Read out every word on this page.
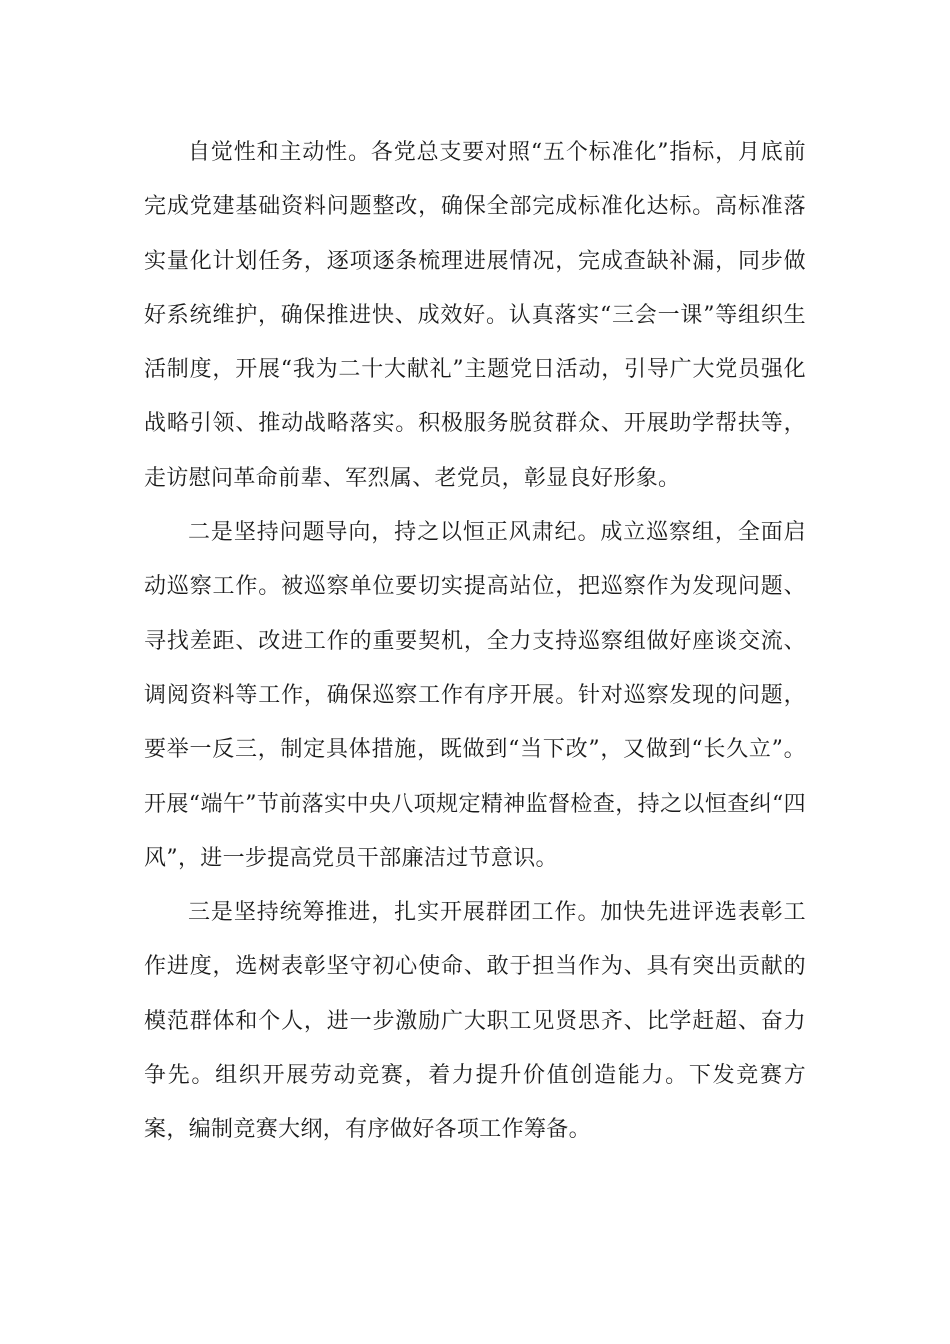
自觉性和主动性。各党总支要对照“五个标准化”指标，月底前完成党建基础资料问题整改，确保全部完成标准化达标。高标准落实量化计划任务，逐项逐条梳理进展情况，完成查缺补漏，同步做好系统维护，确保推进快、成效好。认真落实“三会一课”等组织生活制度，开展“我为二十大献礼”主题党日活动，引导广大党员强化战略引领、推动战略落实。积极服务脱贫群众、开展助学帮扶等，走访慰问革命前辈、军烈属、老党员，彰显良好形象。

二是坚持问题导向，持之以恒正风肃纪。成立巡察组，全面启动巡察工作。被巡察单位要切实提高站位，把巡察作为发现问题、寻找差距、改进工作的重要契机，全力支持巡察组做好座谈交流、调阅资料等工作，确保巡察工作有序开展。针对巡察发现的问题，要举一反三，制定具体措施，既做到“当下改”，又做到“长久立”。开展“端午”节前落实中央八项规定精神监督检查，持之以恒查纠“四风”，进一步提高党员干部廉洁过节意识。

三是坚持统筹推进，扎实开展群团工作。加快先进评选表彰工作进度，选树表彰坚守初心使命、敢于担当作为、具有突出贡献的模范群体和个人，进一步激励广大职工见贤思齐、比学赶超、奋力争先。组织开展劳动竞赛，着力提升价值创造能力。下发竞赛方案，编制竞赛大纲，有序做好各项工作筹备。
